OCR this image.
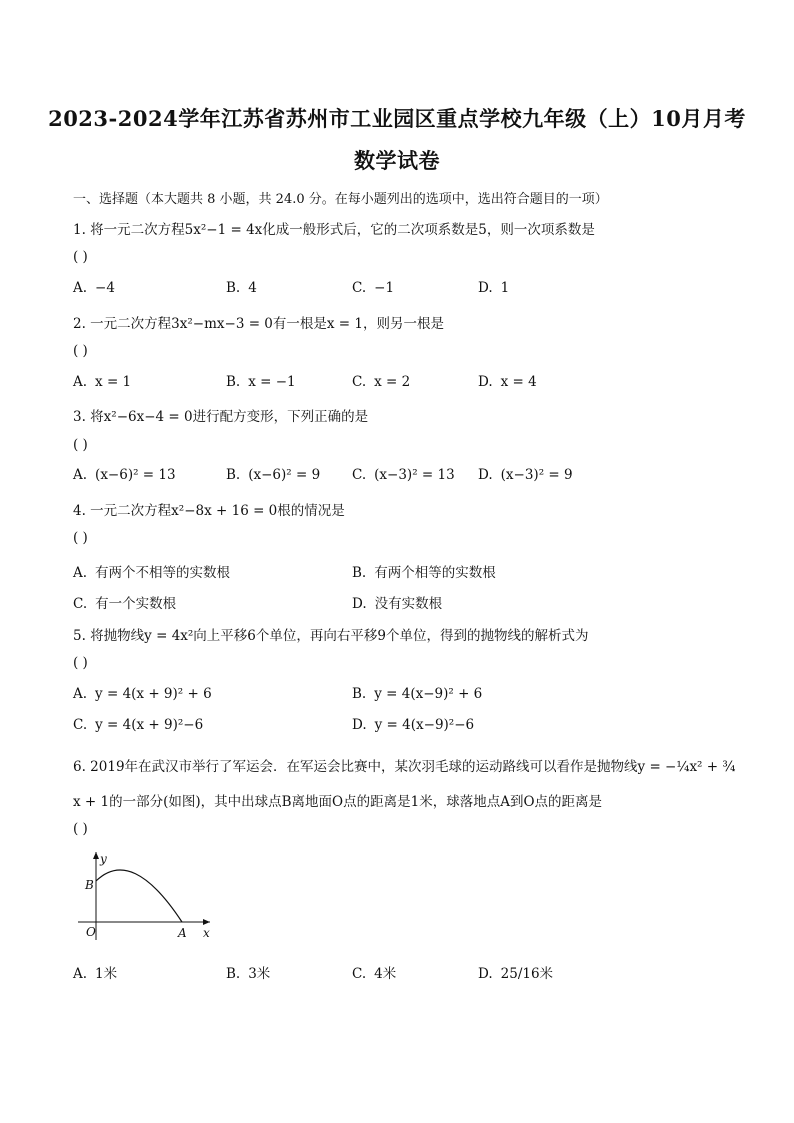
2023-2024学年江苏省苏州市工业园区重点学校九年级（上）10月月考
数学试卷
一、选择题（本大题共 8 小题，共 24.0 分。在每小题列出的选项中，选出符合题目的一项）
1. 将一元二次方程5x²−1 = 4x化成一般形式后，它的二次项系数是5，则一次项系数是
( )
A. −4	B. 4	C. −1	D. 1
2. 一元二次方程3x²−mx−3 = 0有一根是x = 1，则另一根是
( )
A. x = 1	B. x = −1	C. x = 2	D. x = 4
3. 将x²−6x−4 = 0进行配方变形，下列正确的是
( )
A. (x−6)² = 13	B. (x−6)² = 9 C. (x−3)² = 13 D. (x−3)² = 9
4. 一元二次方程x²−8x + 16 = 0根的情况是
( )
A. 有两个不相等的实数根	B. 有两个相等的实数根
C. 有一个实数根	D. 没有实数根
5. 将抛物线y = 4x²向上平移6个单位，再向右平移9个单位，得到的抛物线的解析式为
( )
A. y = 4(x + 9)² + 6	B. y = 4(x−9)² + 6
C. y = 4(x + 9)²−6	D. y = 4(x−9)²−6
6. 2019年在武汉市举行了军运会．在军运会比赛中，某次羽毛球的运动路线可以看作是抛物线y = −¼x² + ¾
x + 1的一部分(如图)，其中出球点B离地面O点的距离是1米，球落地点A到O点的距离是
( )
y
B
O	A x
A. 1米	B. 3米	C. 4米	D. 25/16米
